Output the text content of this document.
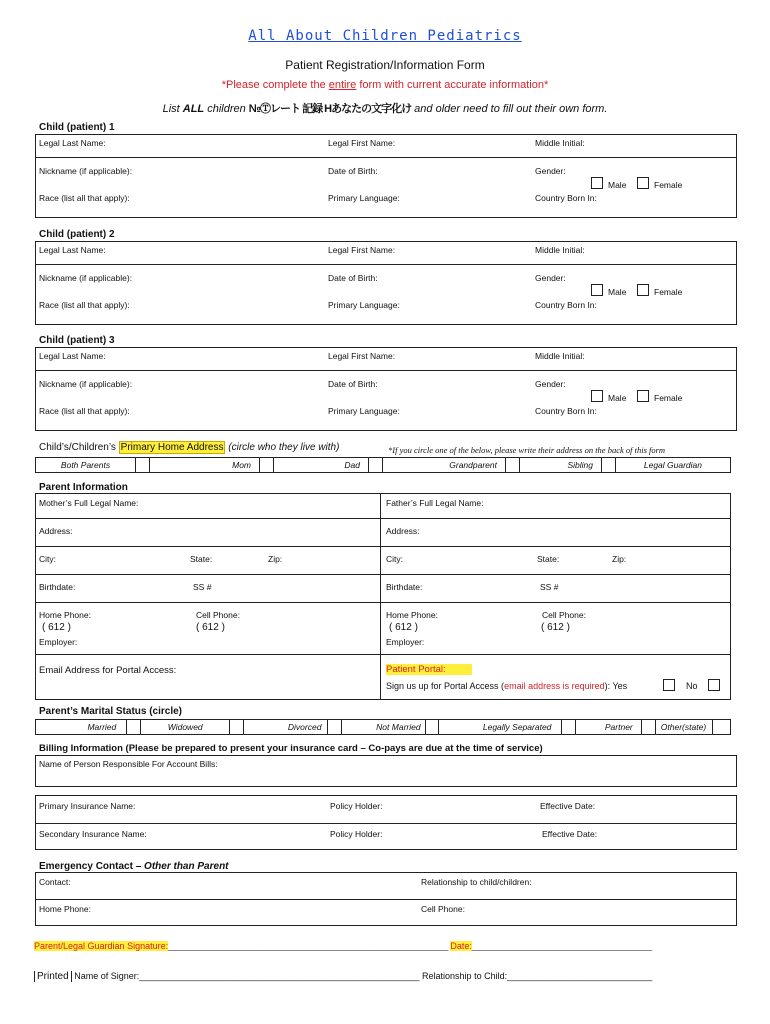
All About Children Pediatrics
Patient Registration/Information Form
*Please complete the entire form with current accurate information*
List ALL children №Ⓣレート 記録 Hあなたの文字化け and older need to fill out their own form.
Child (patient) 1
Legal Last Name:	Legal First Name:	Middle Initial:
Nickname (if applicable):	Date of Birth:	Gender:
Male	Female
Race (list all that apply):	Primary Language:	Country Born In:
Child (patient) 2
Legal Last Name:	Legal First Name:	Middle Initial:
Nickname (if applicable):	Date of Birth:	Gender:
Male	Female
Race (list all that apply):	Primary Language:	Country Born In:
Child (patient) 3
Legal Last Name:	Legal First Name:	Middle Initial:
Nickname (if applicable):	Date of Birth:	Gender:
Male	Female
Race (list all that apply):	Primary Language:	Country Born In:
Child’s/Children’s Primary Home Address (circle who they live with)	*If you circle one of the below, please write their address on the back of this form
Both Parents	Mom	Dad	Grandparent	Sibling	Legal Guardian
Parent Information
Mother’s Full Legal Name:	Father’s Full Legal Name:
Address:	Address:
City:	State:	Zip:	City:	State:	Zip:
Birthdate:	SS #	Birthdate:	SS #
Home Phone:	Cell Phone:	Home Phone:	Cell Phone:
( 612 )	( 612 )	( 612 )	( 612 )
Employer:	Employer:
Email Address for Portal Access:	Patient Portal:
Sign us up for Portal Access (email address is required): Yes	No
Parent’s Marital Status (circle)
Married	Widowed	Divorced	Not Married	Legally Separated	Partner	Other(state)
Billing Information (Please be prepared to present your insurance card – Co-pays are due at the time of service)
Name of Person Responsible For Account Bills:
Primary Insurance Name:	Policy Holder:	Effective Date:
Secondary Insurance Name:	Policy Holder:	Effective Date:
Emergency Contact – Other than Parent
Contact:	Relationship to child/children:
Home Phone:	Cell Phone:
Parent/Legal Guardian Signature:________________________________________________________ Date:____________________________________
Printed Name of Signer:________________________________________________________ Relationship to Child:_____________________________
